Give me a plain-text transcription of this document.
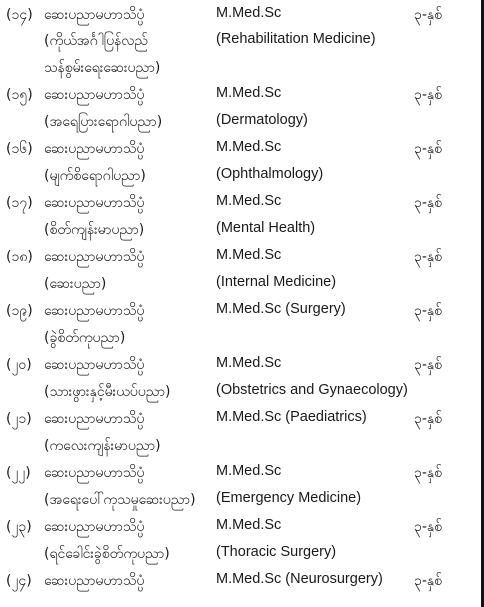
(၁၄) ဆေးပညာမဟာသိပ္ပံ	M.Med.Sc	၃-နှစ်
(ကိုယ်အင်္ဂါပြန်လည်	(Rehabilitation Medicine)
သန်စွမ်းရေးဆေးပညာ)
(၁၅) ဆေးပညာမဟာသိပ္ပံ	M.Med.Sc	၃-နှစ်
(အရေပြားရောဂါပညာ)	(Dermatology)
(၁၆) ဆေးပညာမဟာသိပ္ပံ	M.Med.Sc	၃-နှစ်
(မျက်စိရောဂါပညာ)	(Ophthalmology)
(၁၇) ဆေးပညာမဟာသိပ္ပံ	M.Med.Sc	၃-နှစ်
(စိတ်ကျန်းမာပညာ)	(Mental Health)
(၁၈) ဆေးပညာမဟာသိပ္ပံ	M.Med.Sc	၃-နှစ်
(ဆေးပညာ)	(Internal Medicine)
(၁၉) ဆေးပညာမဟာသိပ္ပံ	M.Med.Sc (Surgery)	၃-နှစ်
(ခွဲစိတ်ကုပညာ)
(၂၀) ဆေးပညာမဟာသိပ္ပံ	M.Med.Sc	၃-နှစ်
(သားဖွားနှင့်မီးယပ်ပညာ)	(Obstetrics and Gynaecology)
(၂၁) ဆေးပညာမဟာသိပ္ပံ	M.Med.Sc (Paediatrics)	၃-နှစ်
(ကလေးကျန်းမာပညာ)
(၂၂) ဆေးပညာမဟာသိပ္ပံ	M.Med.Sc	၃-နှစ်
(အရေးပေါ်ကုသမှုဆေးပညာ) (Emergency Medicine)
(၂၃) ဆေးပညာမဟာသိပ္ပံ	M.Med.Sc	၃-နှစ်
(ရင်ခေါင်းခွဲစိတ်ကုပညာ)	(Thoracic Surgery)
(၂၄) ဆေးပညာမဟာသိပ္ပံ	M.Med.Sc (Neurosurgery) ၃-နှစ်
